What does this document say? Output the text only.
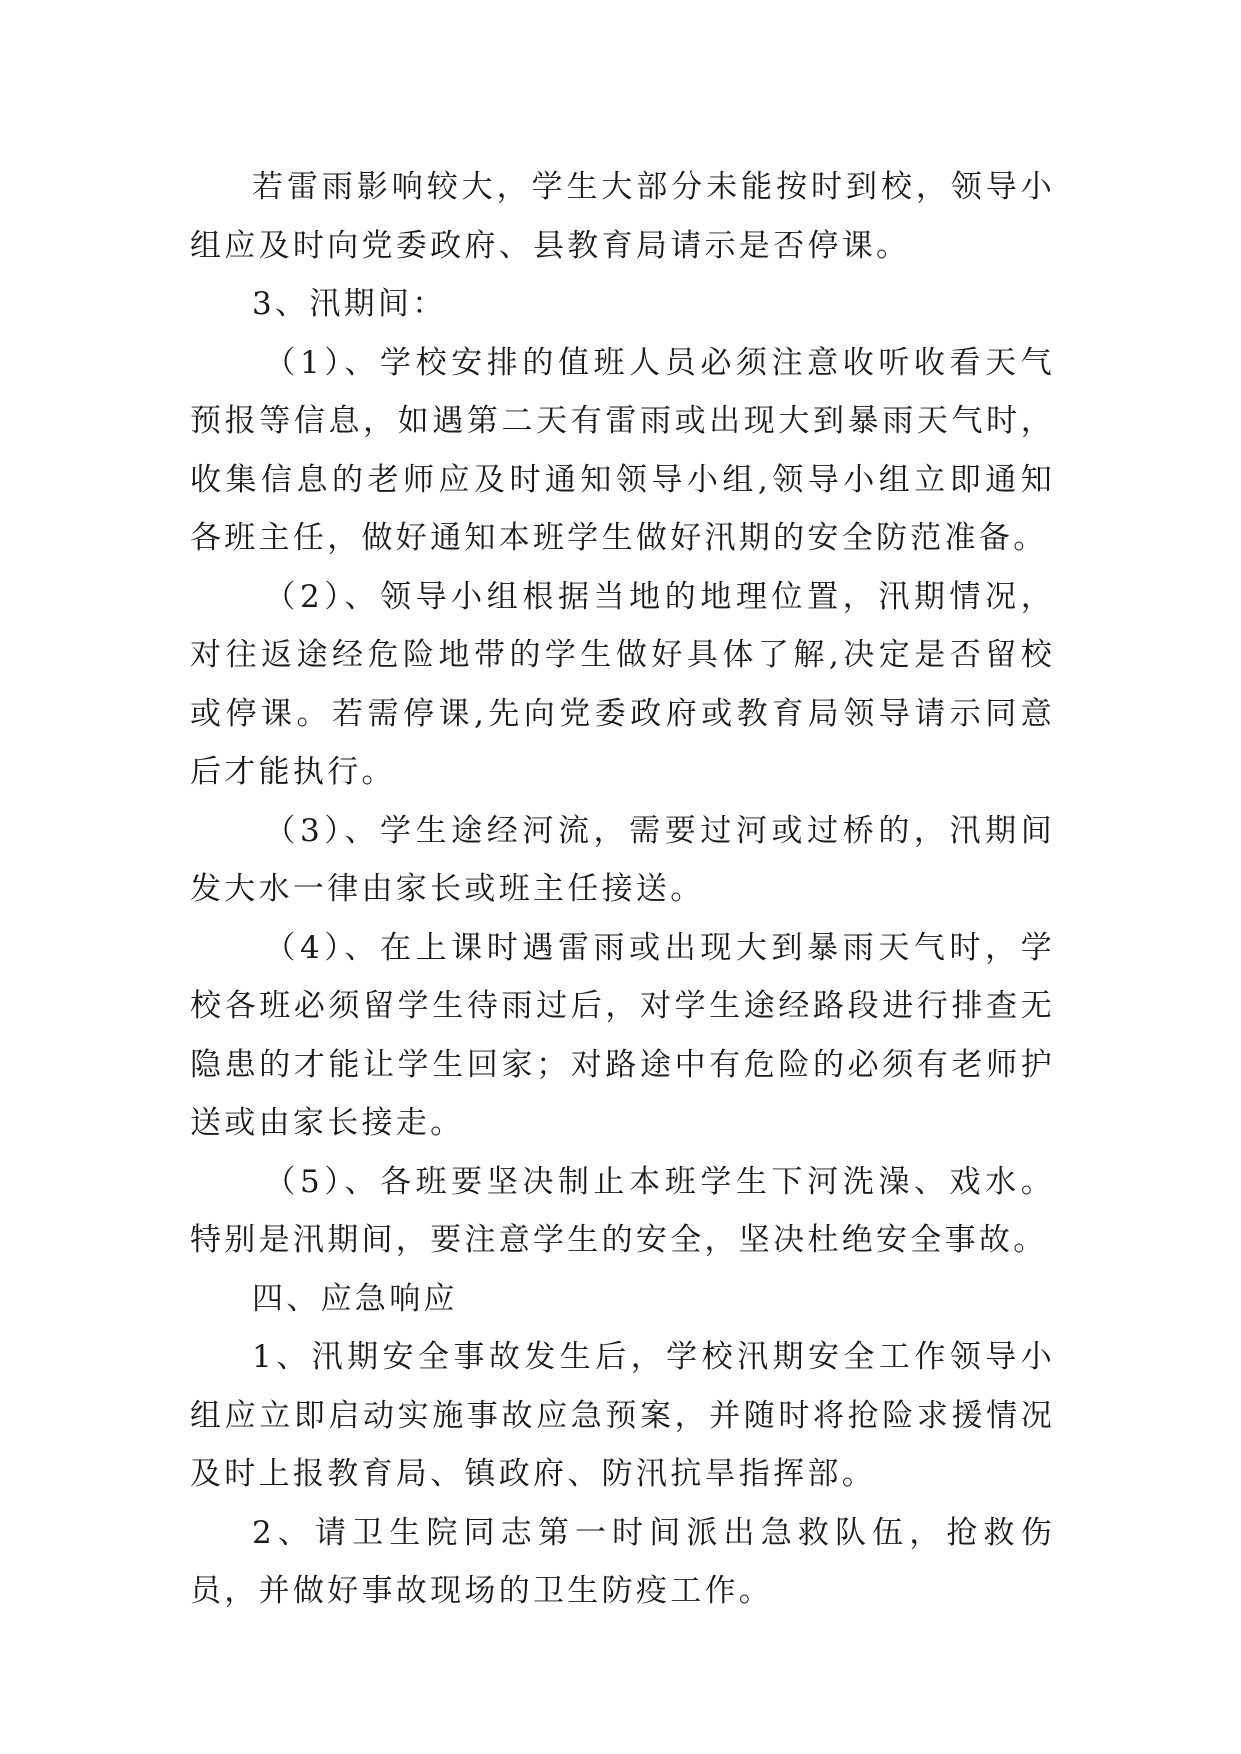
若雷雨影响较大，学生大部分未能按时到校，领导小组应及时向党委政府、县教育局请示是否停课。

3、汛期间：

（1）、学校安排的值班人员必须注意收听收看天气预报等信息，如遇第二天有雷雨或出现大到暴雨天气时，收集信息的老师应及时通知领导小组,领导小组立即通知各班主任，做好通知本班学生做好汛期的安全防范准备。

（2）、领导小组根据当地的地理位置，汛期情况，对往返途经危险地带的学生做好具体了解,决定是否留校或停课。若需停课,先向党委政府或教育局领导请示同意后才能执行。

（3）、学生途经河流，需要过河或过桥的，汛期间发大水一律由家长或班主任接送。

（4）、在上课时遇雷雨或出现大到暴雨天气时，学校各班必须留学生待雨过后，对学生途经路段进行排查无隐患的才能让学生回家；对路途中有危险的必须有老师护送或由家长接走。

（5）、各班要坚决制止本班学生下河洗澡、戏水。特别是汛期间，要注意学生的安全，坚决杜绝安全事故。

四、应急响应

1、汛期安全事故发生后，学校汛期安全工作领导小组应立即启动实施事故应急预案，并随时将抢险求援情况及时上报教育局、镇政府、防汛抗旱指挥部。

2、请卫生院同志第一时间派出急救队伍，抢救伤员，并做好事故现场的卫生防疫工作。
